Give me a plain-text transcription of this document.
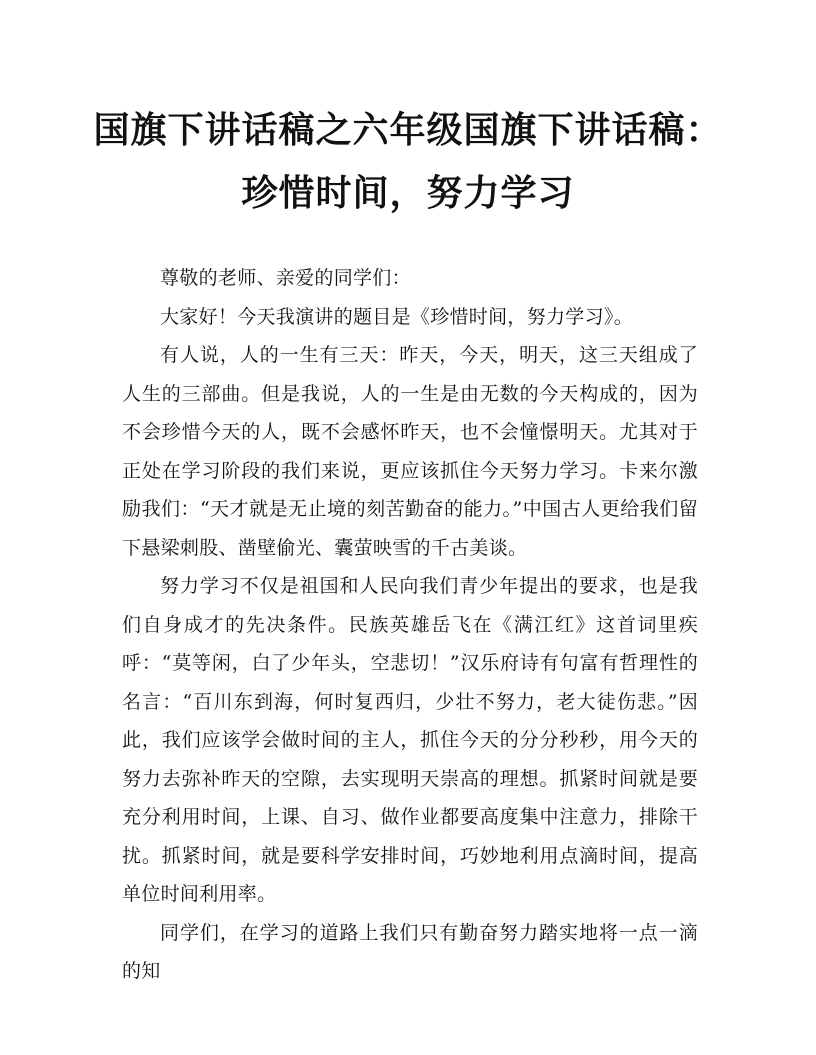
国旗下讲话稿之六年级国旗下讲话稿：
珍惜时间，努力学习

尊敬的老师、亲爱的同学们：

大家好！今天我演讲的题目是《珍惜时间，努力学习》。

有人说，人的一生有三天：昨天，今天，明天，这三天组成了人生的三部曲。但是我说，人的一生是由无数的今天构成的，因为不会珍惜今天的人，既不会感怀昨天，也不会憧憬明天。尤其对于正处在学习阶段的我们来说，更应该抓住今天努力学习。卡来尔激励我们：“天才就是无止境的刻苦勤奋的能力。”中国古人更给我们留下悬梁刺股、凿壁偷光、囊萤映雪的千古美谈。

努力学习不仅是祖国和人民向我们青少年提出的要求，也是我们自身成才的先决条件。民族英雄岳飞在《满江红》这首词里疾呼：“莫等闲，白了少年头，空悲切！”汉乐府诗有句富有哲理性的名言：“百川东到海，何时复西归，少壮不努力，老大徒伤悲。”因此，我们应该学会做时间的主人，抓住今天的分分秒秒，用今天的努力去弥补昨天的空隙，去实现明天崇高的理想。抓紧时间就是要充分利用时间，上课、自习、做作业都要高度集中注意力，排除干扰。抓紧时间，就是要科学安排时间，巧妙地利用点滴时间，提高单位时间利用率。

同学们，在学习的道路上我们只有勤奋努力踏实地将一点一滴的知
